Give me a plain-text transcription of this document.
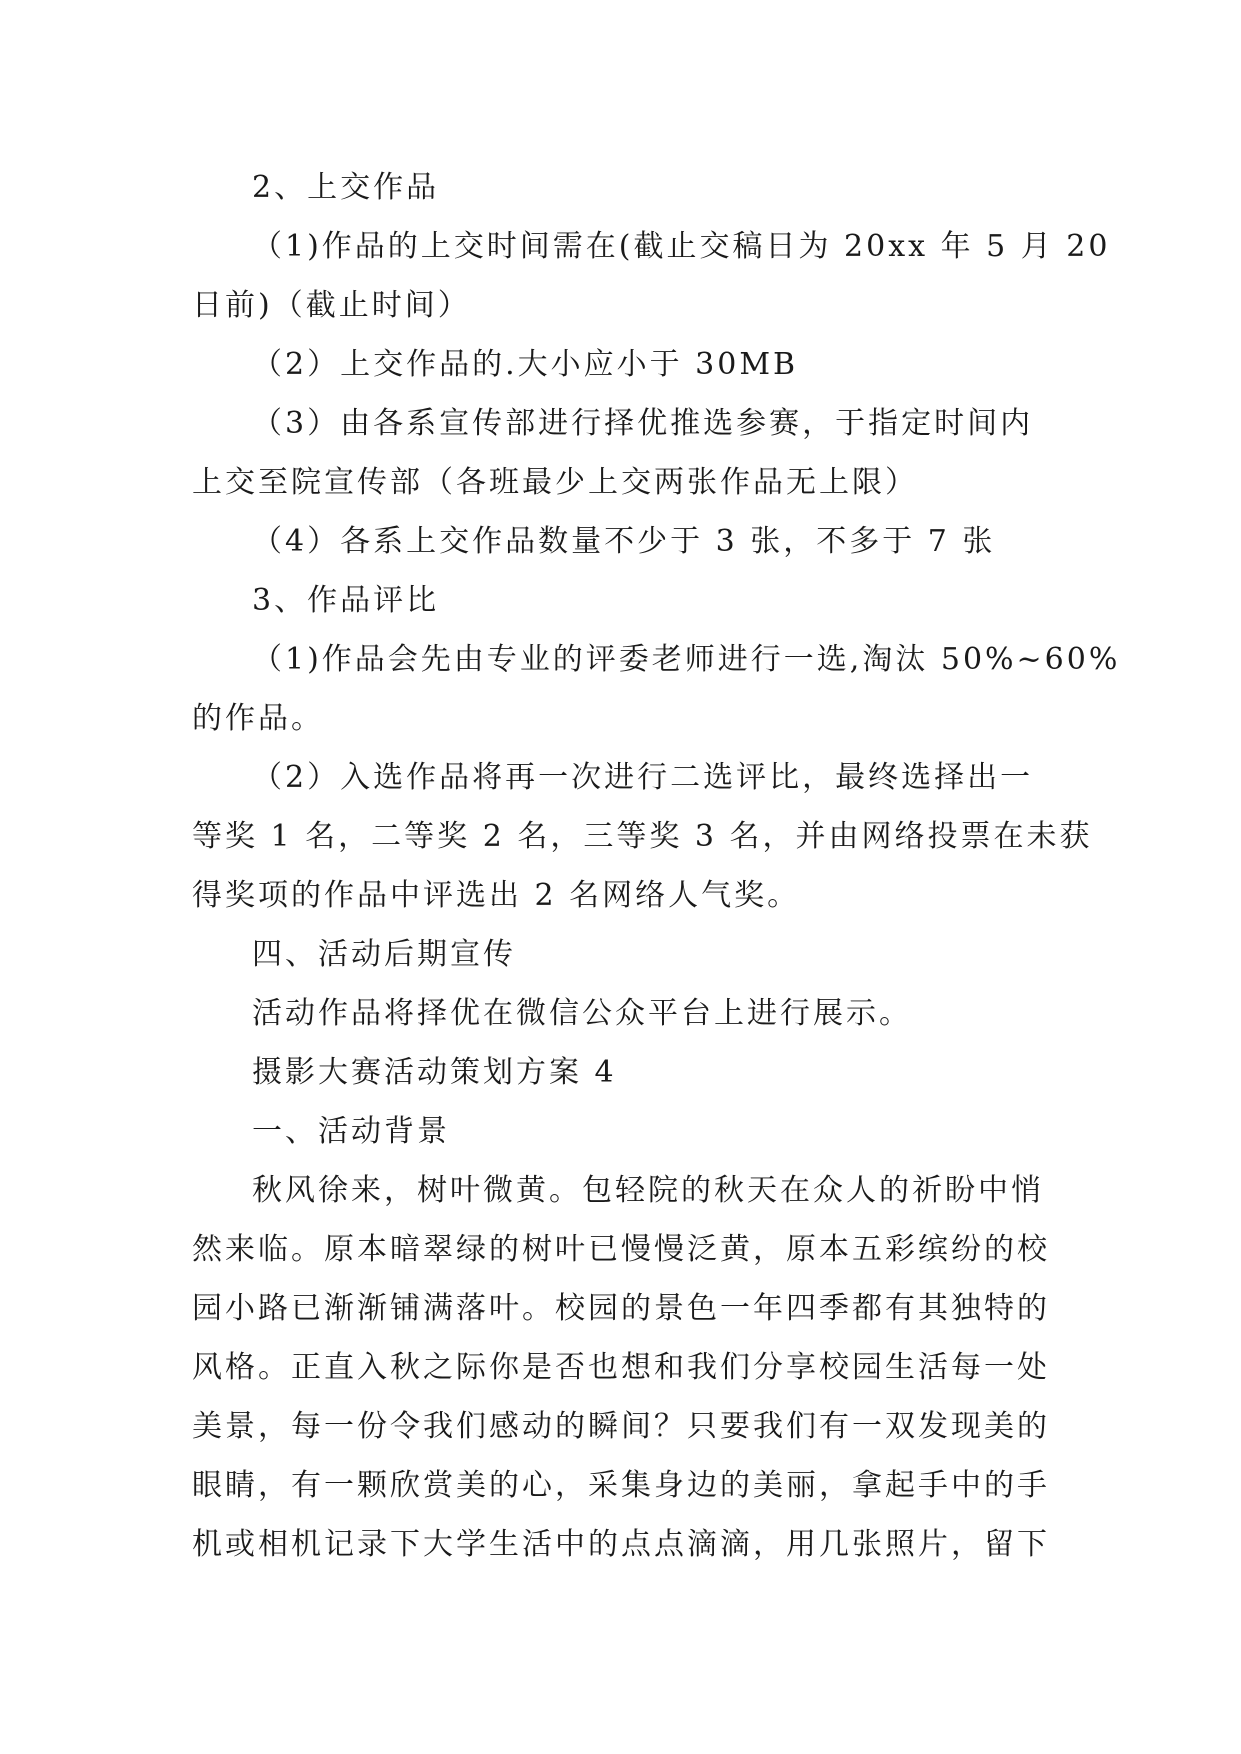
2、上交作品
（1)作品的上交时间需在(截止交稿日为 20xx 年 5 月 20
日前)（截止时间）
（2）上交作品的.大小应小于 30MB
（3）由各系宣传部进行择优推选参赛，于指定时间内
上交至院宣传部（各班最少上交两张作品无上限）
（4）各系上交作品数量不少于 3 张，不多于 7 张
3、作品评比
（1)作品会先由专业的评委老师进行一选,淘汰 50%~60%
的作品。
（2）入选作品将再一次进行二选评比，最终选择出一
等奖 1 名，二等奖 2 名，三等奖 3 名，并由网络投票在未获
得奖项的作品中评选出 2 名网络人气奖。
四、活动后期宣传
活动作品将择优在微信公众平台上进行展示。
摄影大赛活动策划方案 4
一、活动背景
秋风徐来，树叶微黄。包轻院的秋天在众人的祈盼中悄
然来临。原本暗翠绿的树叶已慢慢泛黄，原本五彩缤纷的校
园小路已渐渐铺满落叶。校园的景色一年四季都有其独特的
风格。正直入秋之际你是否也想和我们分享校园生活每一处
美景，每一份令我们感动的瞬间？只要我们有一双发现美的
眼睛，有一颗欣赏美的心，采集身边的美丽，拿起手中的手
机或相机记录下大学生活中的点点滴滴，用几张照片，留下
